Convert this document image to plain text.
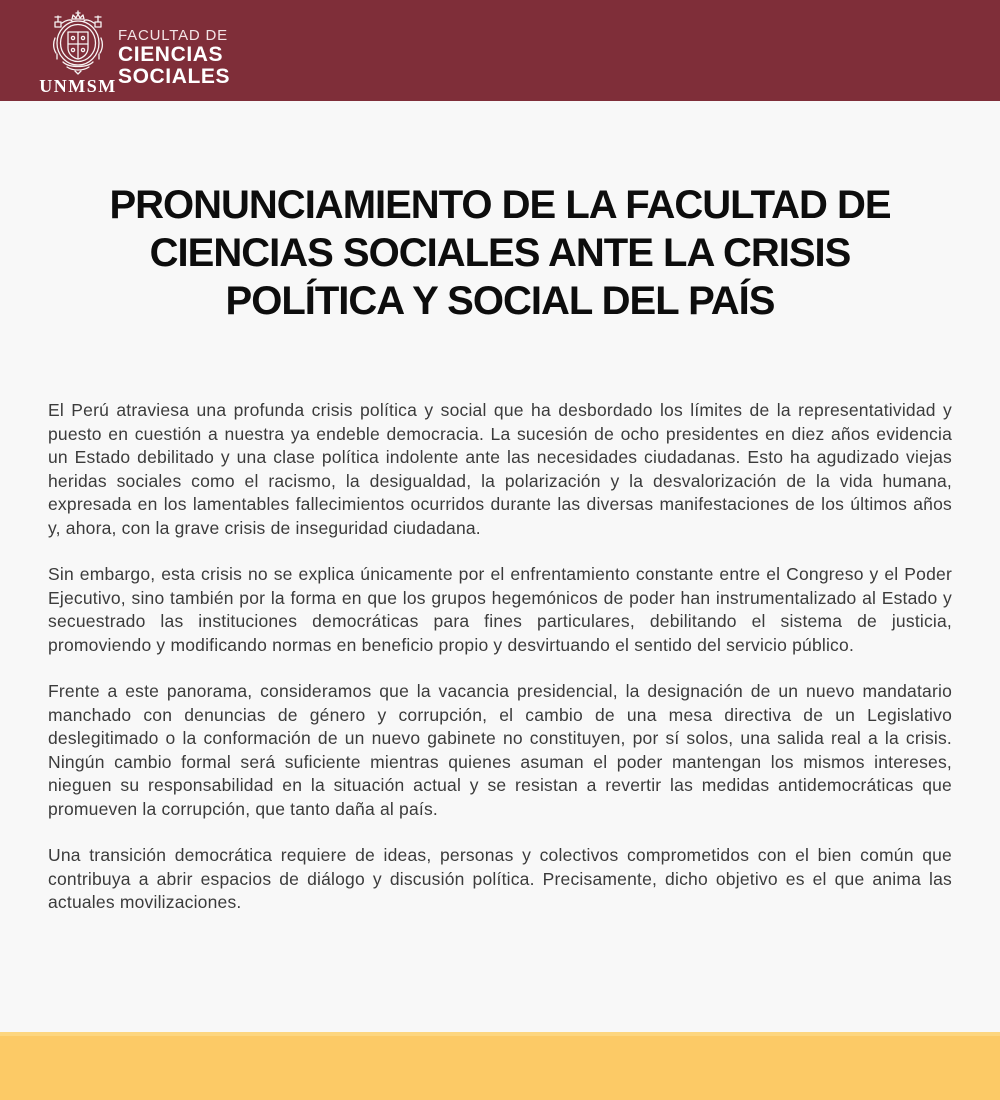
UNMSM
FACULTAD DE
CIENCIAS
SOCIALES
PRONUNCIAMIENTO DE LA FACULTAD DE
CIENCIAS SOCIALES ANTE LA CRISIS
POLÍTICA Y SOCIAL DEL PAÍS

El Perú atraviesa una profunda crisis política y social que ha desbordado los límites de la representatividad y puesto en cuestión a nuestra ya endeble democracia. La sucesión de ocho presidentes en diez años evidencia un Estado debilitado y una clase política indolente ante las necesidades ciudadanas. Esto ha agudizado viejas heridas sociales como el racismo, la desigualdad, la polarización y la desvalorización de la vida humana, expresada en los lamentables fallecimientos ocurridos durante las diversas manifestaciones de los últimos años y, ahora, con la grave crisis de inseguridad ciudadana.

Sin embargo, esta crisis no se explica únicamente por el enfrentamiento constante entre el Congreso y el Poder Ejecutivo, sino también por la forma en que los grupos hegemónicos de poder han instrumentalizado al Estado y secuestrado las instituciones democráticas para fines particulares, debilitando el sistema de justicia, promoviendo y modificando normas en beneficio propio y desvirtuando el sentido del servicio público.

Frente a este panorama, consideramos que la vacancia presidencial, la designación de un nuevo mandatario manchado con denuncias de género y corrupción, el cambio de una mesa directiva de un Legislativo deslegitimado o la conformación de un nuevo gabinete no constituyen, por sí solos, una salida real a la crisis. Ningún cambio formal será suficiente mientras quienes asuman el poder mantengan los mismos intereses, nieguen su responsabilidad en la situación actual y se resistan a revertir las medidas antidemocráticas que promueven la corrupción, que tanto daña al país.

Una transición democrática requiere de ideas, personas y colectivos comprometidos con el bien común que contribuya a abrir espacios de diálogo y discusión política. Precisamente, dicho objetivo es el que anima las actuales movilizaciones.
